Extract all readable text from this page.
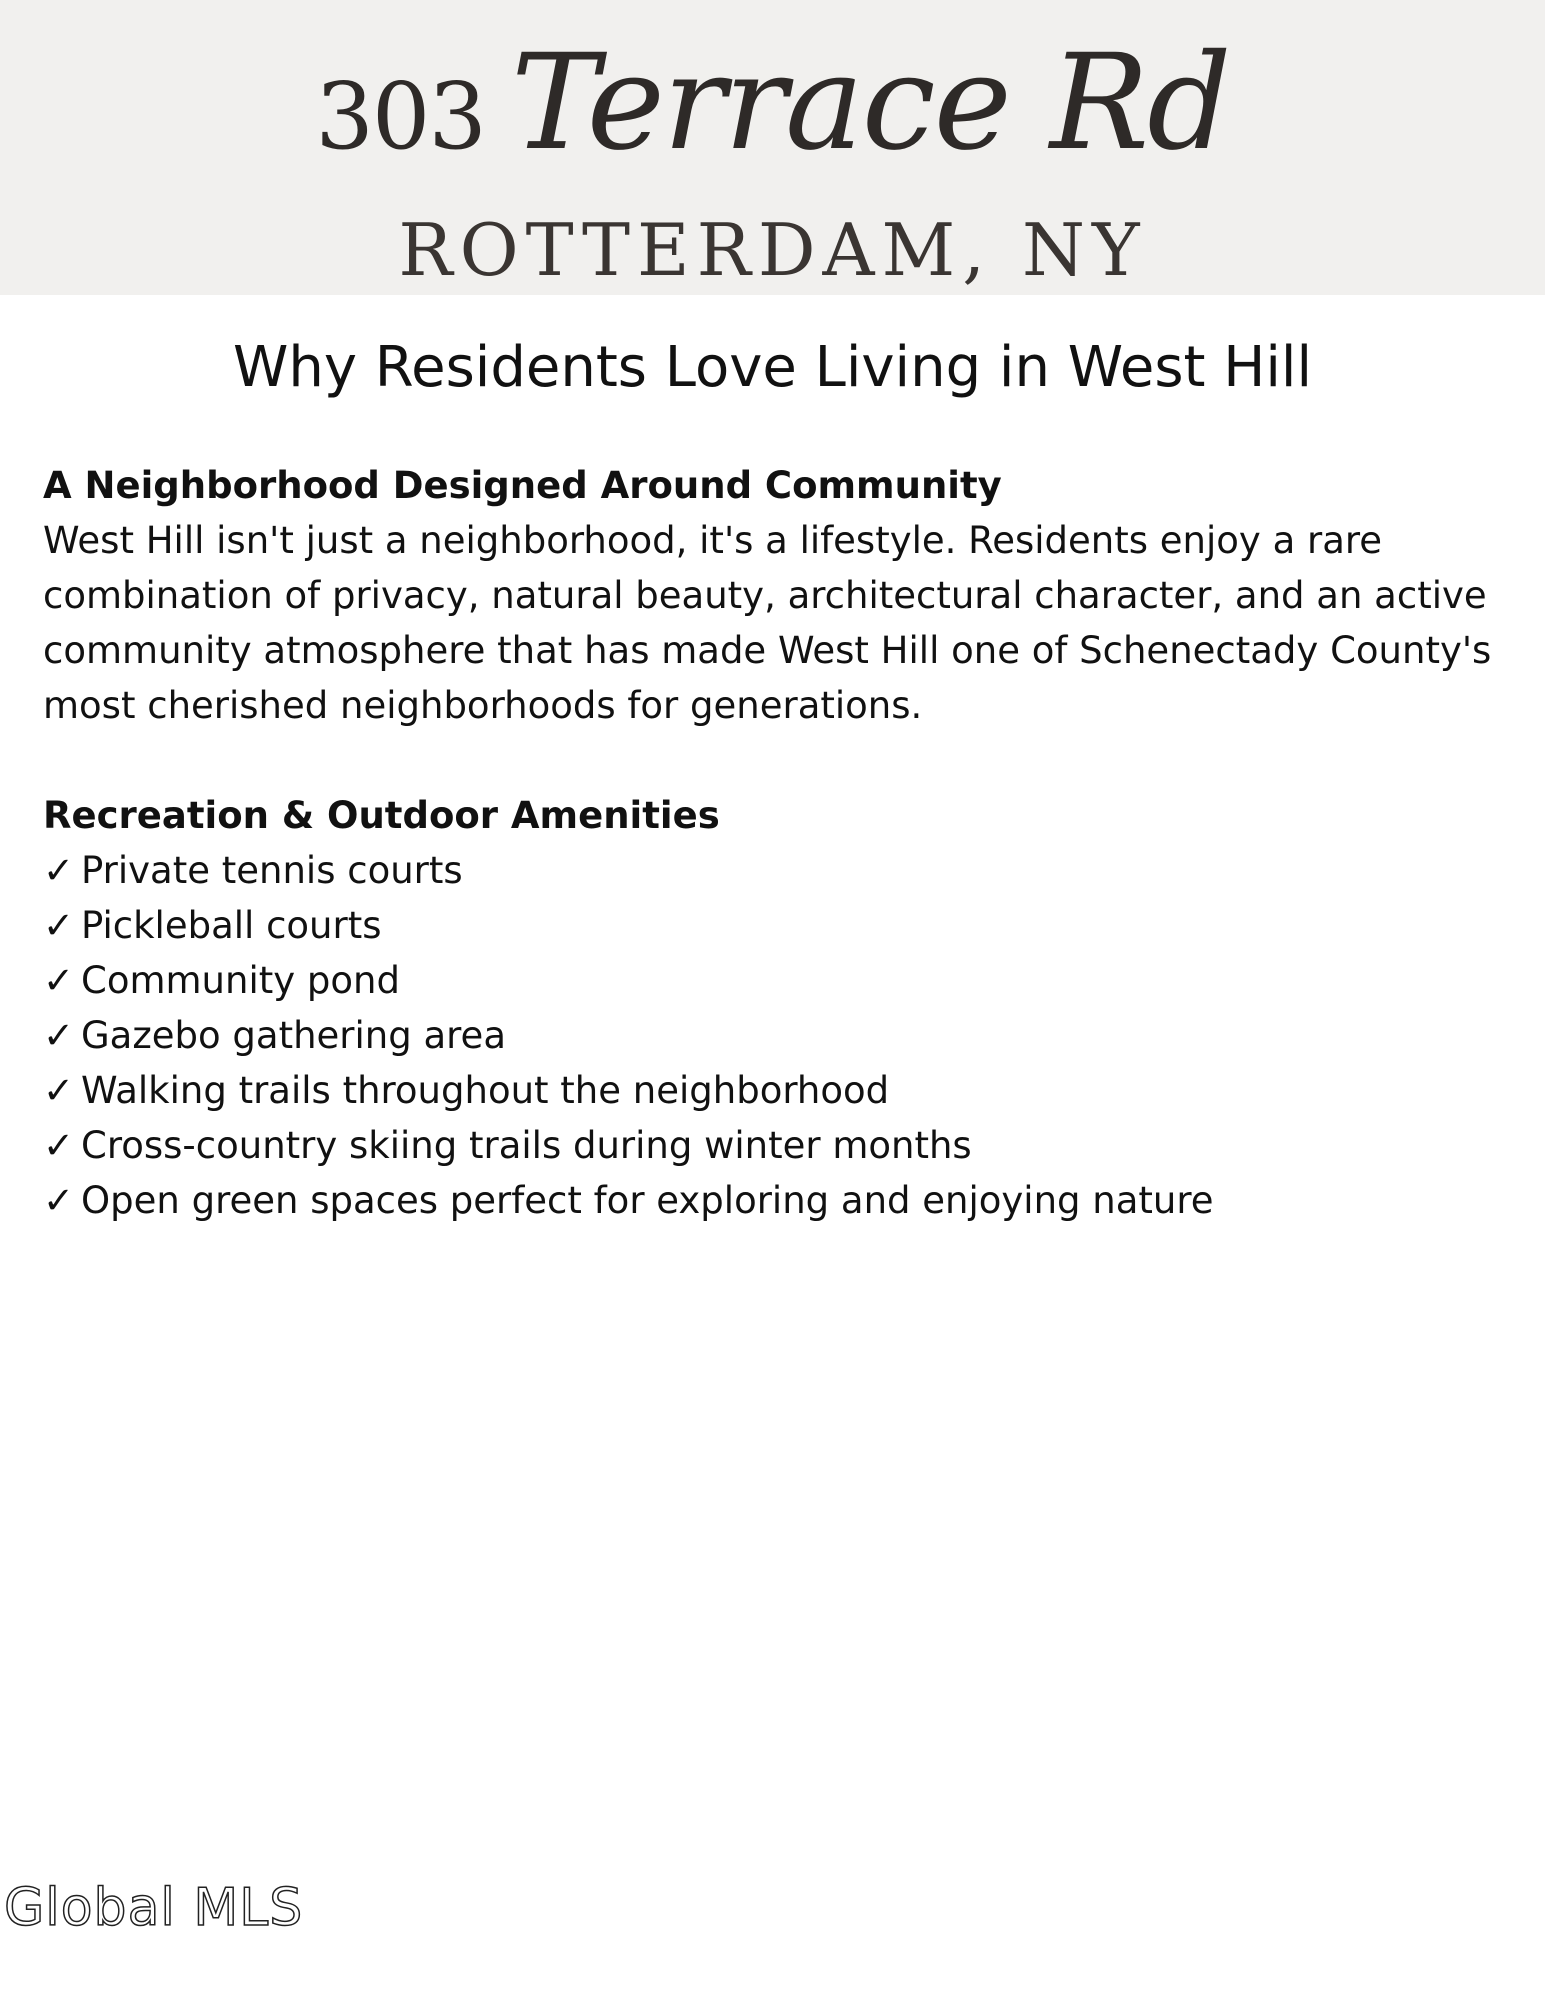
303 Terrace Rd
ROTTERDAM, NY
Why Residents Love Living in West Hill
A Neighborhood Designed Around Community

West Hill isn't just a neighborhood, it's a lifestyle. Residents enjoy a rare combination of privacy, natural beauty, architectural character, and an active community atmosphere that has made West Hill one of Schenectady County's most cherished neighborhoods for generations.

Recreation & Outdoor Amenities
✓ Private tennis courts
✓ Pickleball courts
✓ Community pond
✓ Gazebo gathering area
✓ Walking trails throughout the neighborhood
✓ Cross-country skiing trails during winter months
✓ Open green spaces perfect for exploring and enjoying nature
Global MLS
